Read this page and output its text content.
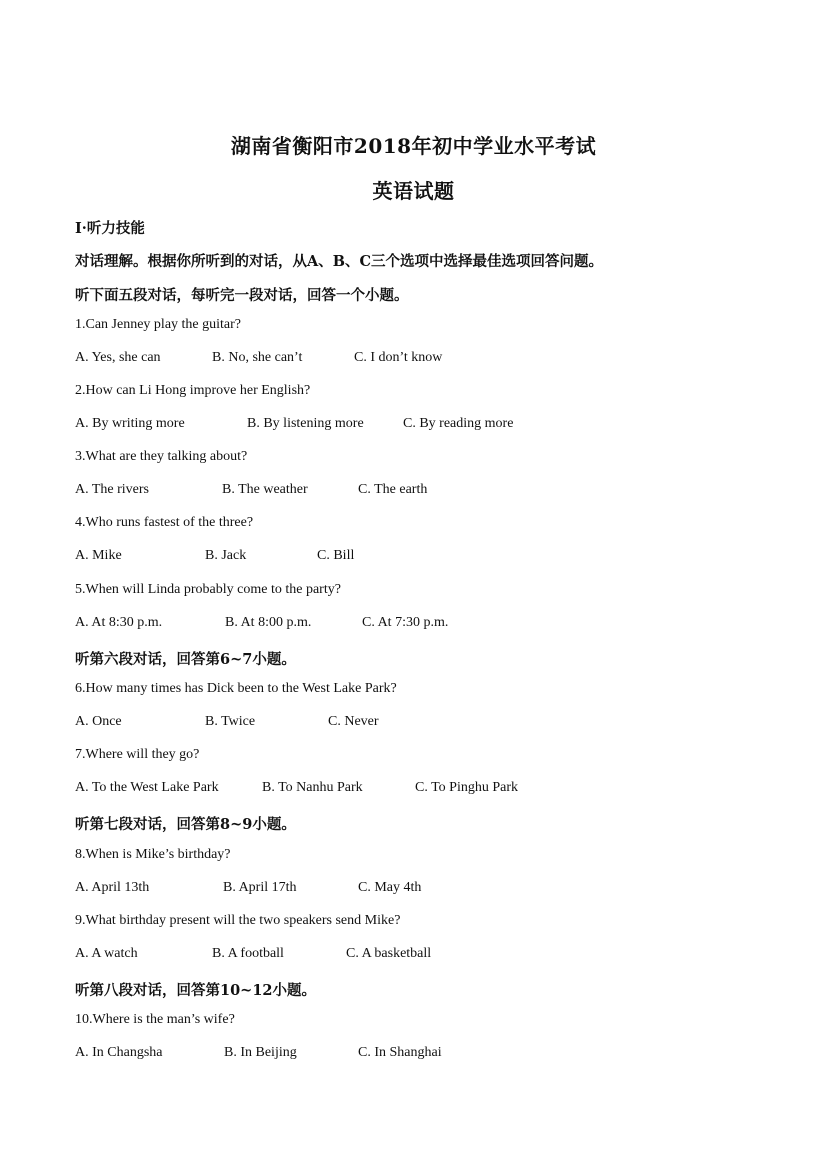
湖南省衡阳市2018年初中学业水平考试
英语试题
Ⅰ·听力技能
对话理解。根据你所听到的对话，从A、B、C三个选项中选择最佳选项回答问题。
听下面五段对话，每听完一段对话，回答一个小题。
1.Can Jenney play the guitar?
A. Yes, she can	B. No, she can’t	C. I don’t know
2.How can Li Hong improve her English?
A. By writing more	B. By listening more	C. By reading more
3.What are they talking about?
A. The rivers	B. The weather	C. The earth
4.Who runs fastest of the three?
A. Mike	B. Jack	C. Bill
5.When will Linda probably come to the party?
A. At 8:30 p.m.	B. At 8:00 p.m.	C. At 7:30 p.m.
听第六段对话，回答第6~7小题。
6.How many times has Dick been to the West Lake Park?
A. Once	B. Twice	C. Never
7.Where will they go?
A. To the West Lake Park	B. To Nanhu Park	C. To Pinghu Park
听第七段对话，回答第8~9小题。
8.When is Mike’s birthday?
A. April 13th	B. April 17th	C. May 4th
9.What birthday present will the two speakers send Mike?
A. A watch	B. A football	C. A basketball
听第八段对话，回答第10~12小题。
10.Where is the man’s wife?
A. In Changsha	B. In Beijing	C. In Shanghai
